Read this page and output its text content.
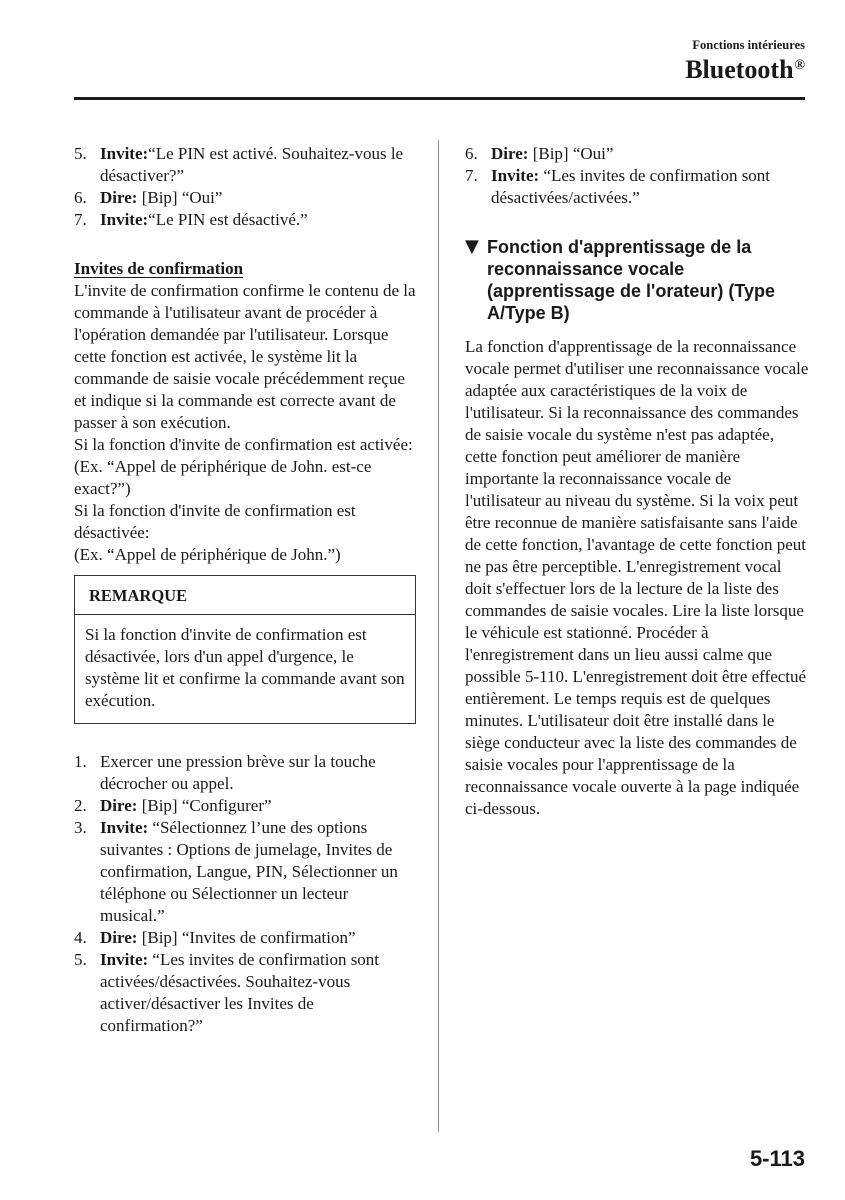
Fonctions intérieures
Bluetooth®
5. Invite:“Le PIN est activé. Souhaitez-vous le désactiver?”
6. Dire: [Bip] “Oui”
7. Invite:“Le PIN est désactivé.”
Invites de confirmation

L'invite de confirmation confirme le contenu de la commande à l'utilisateur avant de procéder à l'opération demandée par l'utilisateur. Lorsque cette fonction est activée, le système lit la commande de saisie vocale précédemment reçue et indique si la commande est correcte avant de passer à son exécution.

Si la fonction d'invite de confirmation est activée:

(Ex. “Appel de périphérique de John. est-ce exact?”)

Si la fonction d'invite de confirmation est désactivée:

(Ex. “Appel de périphérique de John.”)

REMARQUE
Si la fonction d'invite de confirmation est désactivée, lors d'un appel d'urgence, le système lit et confirme la commande avant son exécution.
1. Exercer une pression brève sur la touche décrocher ou appel.
2. Dire: [Bip] “Configurer”
3. Invite: “Sélectionnez l’une des options suivantes : Options de jumelage, Invites de confirmation, Langue, PIN, Sélectionner un téléphone ou Sélectionner un lecteur musical.”
4. Dire: [Bip] “Invites de confirmation”
5. Invite: “Les invites de confirmation sont activées/désactivées. Souhaitez-vous activer/désactiver les Invites de confirmation?”
6. Dire: [Bip] “Oui”
7. Invite: “Les invites de confirmation sont désactivées/activées.”
▼ Fonction d'apprentissage de la reconnaissance vocale (apprentissage de l'orateur) (Type A/Type B)

La fonction d'apprentissage de la reconnaissance vocale permet d'utiliser une reconnaissance vocale adaptée aux caractéristiques de la voix de l'utilisateur. Si la reconnaissance des commandes de saisie vocale du système n'est pas adaptée, cette fonction peut améliorer de manière importante la reconnaissance vocale de l'utilisateur au niveau du système. Si la voix peut être reconnue de manière satisfaisante sans l'aide de cette fonction, l'avantage de cette fonction peut ne pas être perceptible. L'enregistrement vocal doit s'effectuer lors de la lecture de la liste des commandes de saisie vocales. Lire la liste lorsque le véhicule est stationné. Procéder à l'enregistrement dans un lieu aussi calme que possible 5-110. L'enregistrement doit être effectué entièrement. Le temps requis est de quelques minutes. L'utilisateur doit être installé dans le siège conducteur avec la liste des commandes de saisie vocales pour l'apprentissage de la reconnaissance vocale ouverte à la page indiquée ci-dessous.

5-113
